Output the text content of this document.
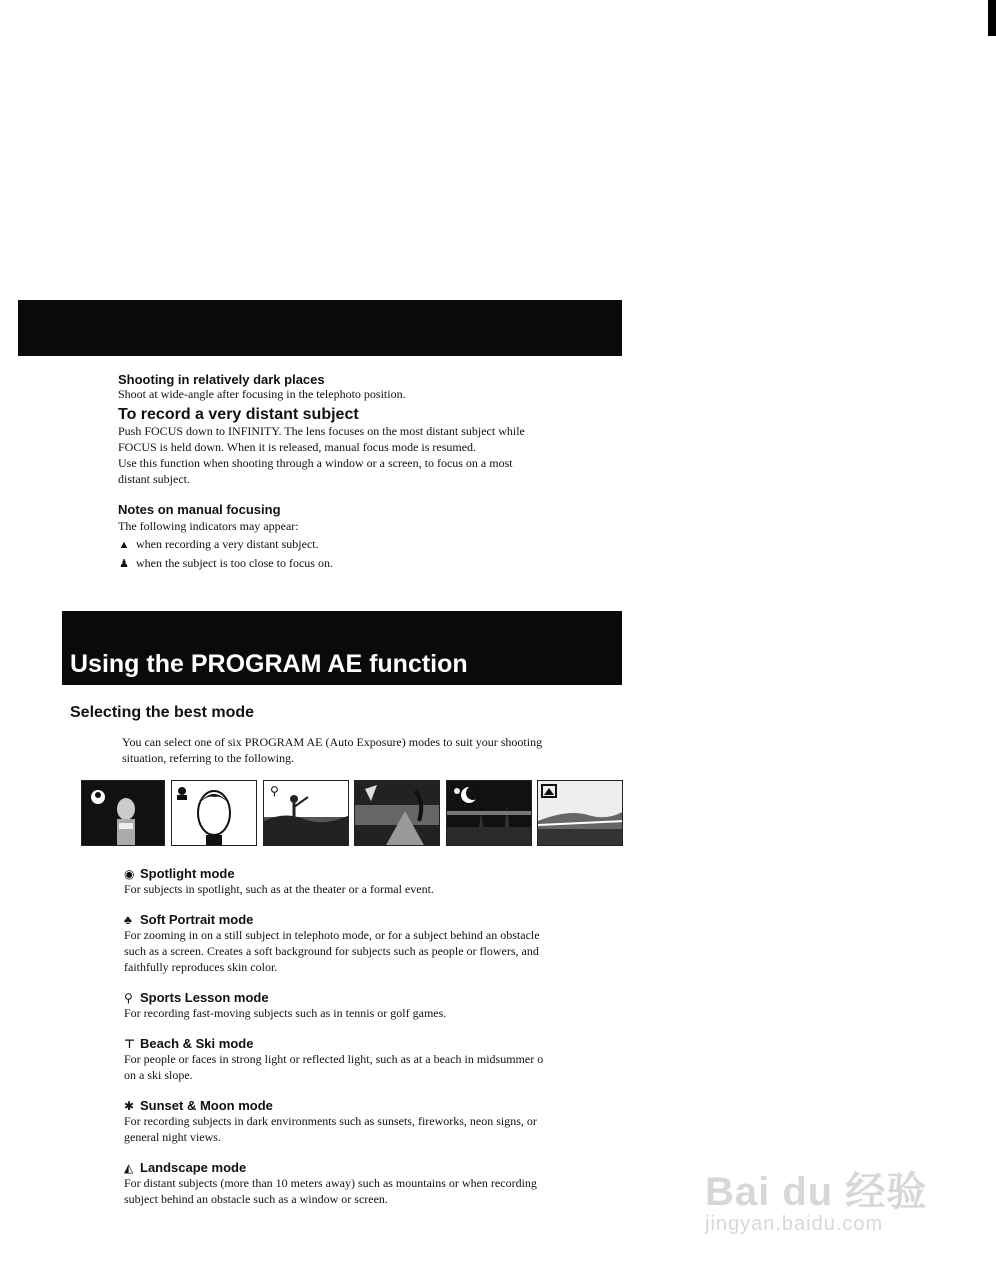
Shooting in relatively dark places
Shoot at wide-angle after focusing in the telephoto position.
To record a very distant subject
Push FOCUS down to INFINITY. The lens focuses on the most distant subject while
FOCUS is held down. When it is released, manual focus mode is resumed.
Use this function when shooting through a window or a screen, to focus on a most
distant subject.
Notes on manual focusing
The following indicators may appear:
▲ when recording a very distant subject.
♟ when the subject is too close to focus on.
Using the PROGRAM AE function
Selecting the best mode
You can select one of six PROGRAM AE (Auto Exposure) modes to suit your shooting
situation, referring to the following.
⚲
◉ Spotlight mode
For subjects in spotlight, such as at the theater or a formal event.
♣ Soft Portrait mode
For zooming in on a still subject in telephoto mode, or for a subject behind an obstacle
such as a screen. Creates a soft background for subjects such as people or flowers, and
faithfully reproduces skin color.
⚲ Sports Lesson mode
For recording fast-moving subjects such as in tennis or golf games.
⊤ Beach & Ski mode
For people or faces in strong light or reflected light, such as at a beach in midsummer o
on a ski slope.
✱ Sunset & Moon mode
For recording subjects in dark environments such as sunsets, fireworks, neon signs, or
general night views.
◭ Landscape mode
For distant subjects (more than 10 meters away) such as mountains or when recording
subject behind an obstacle such as a window or screen.	Bai du 经验
jingyan.baidu.com
